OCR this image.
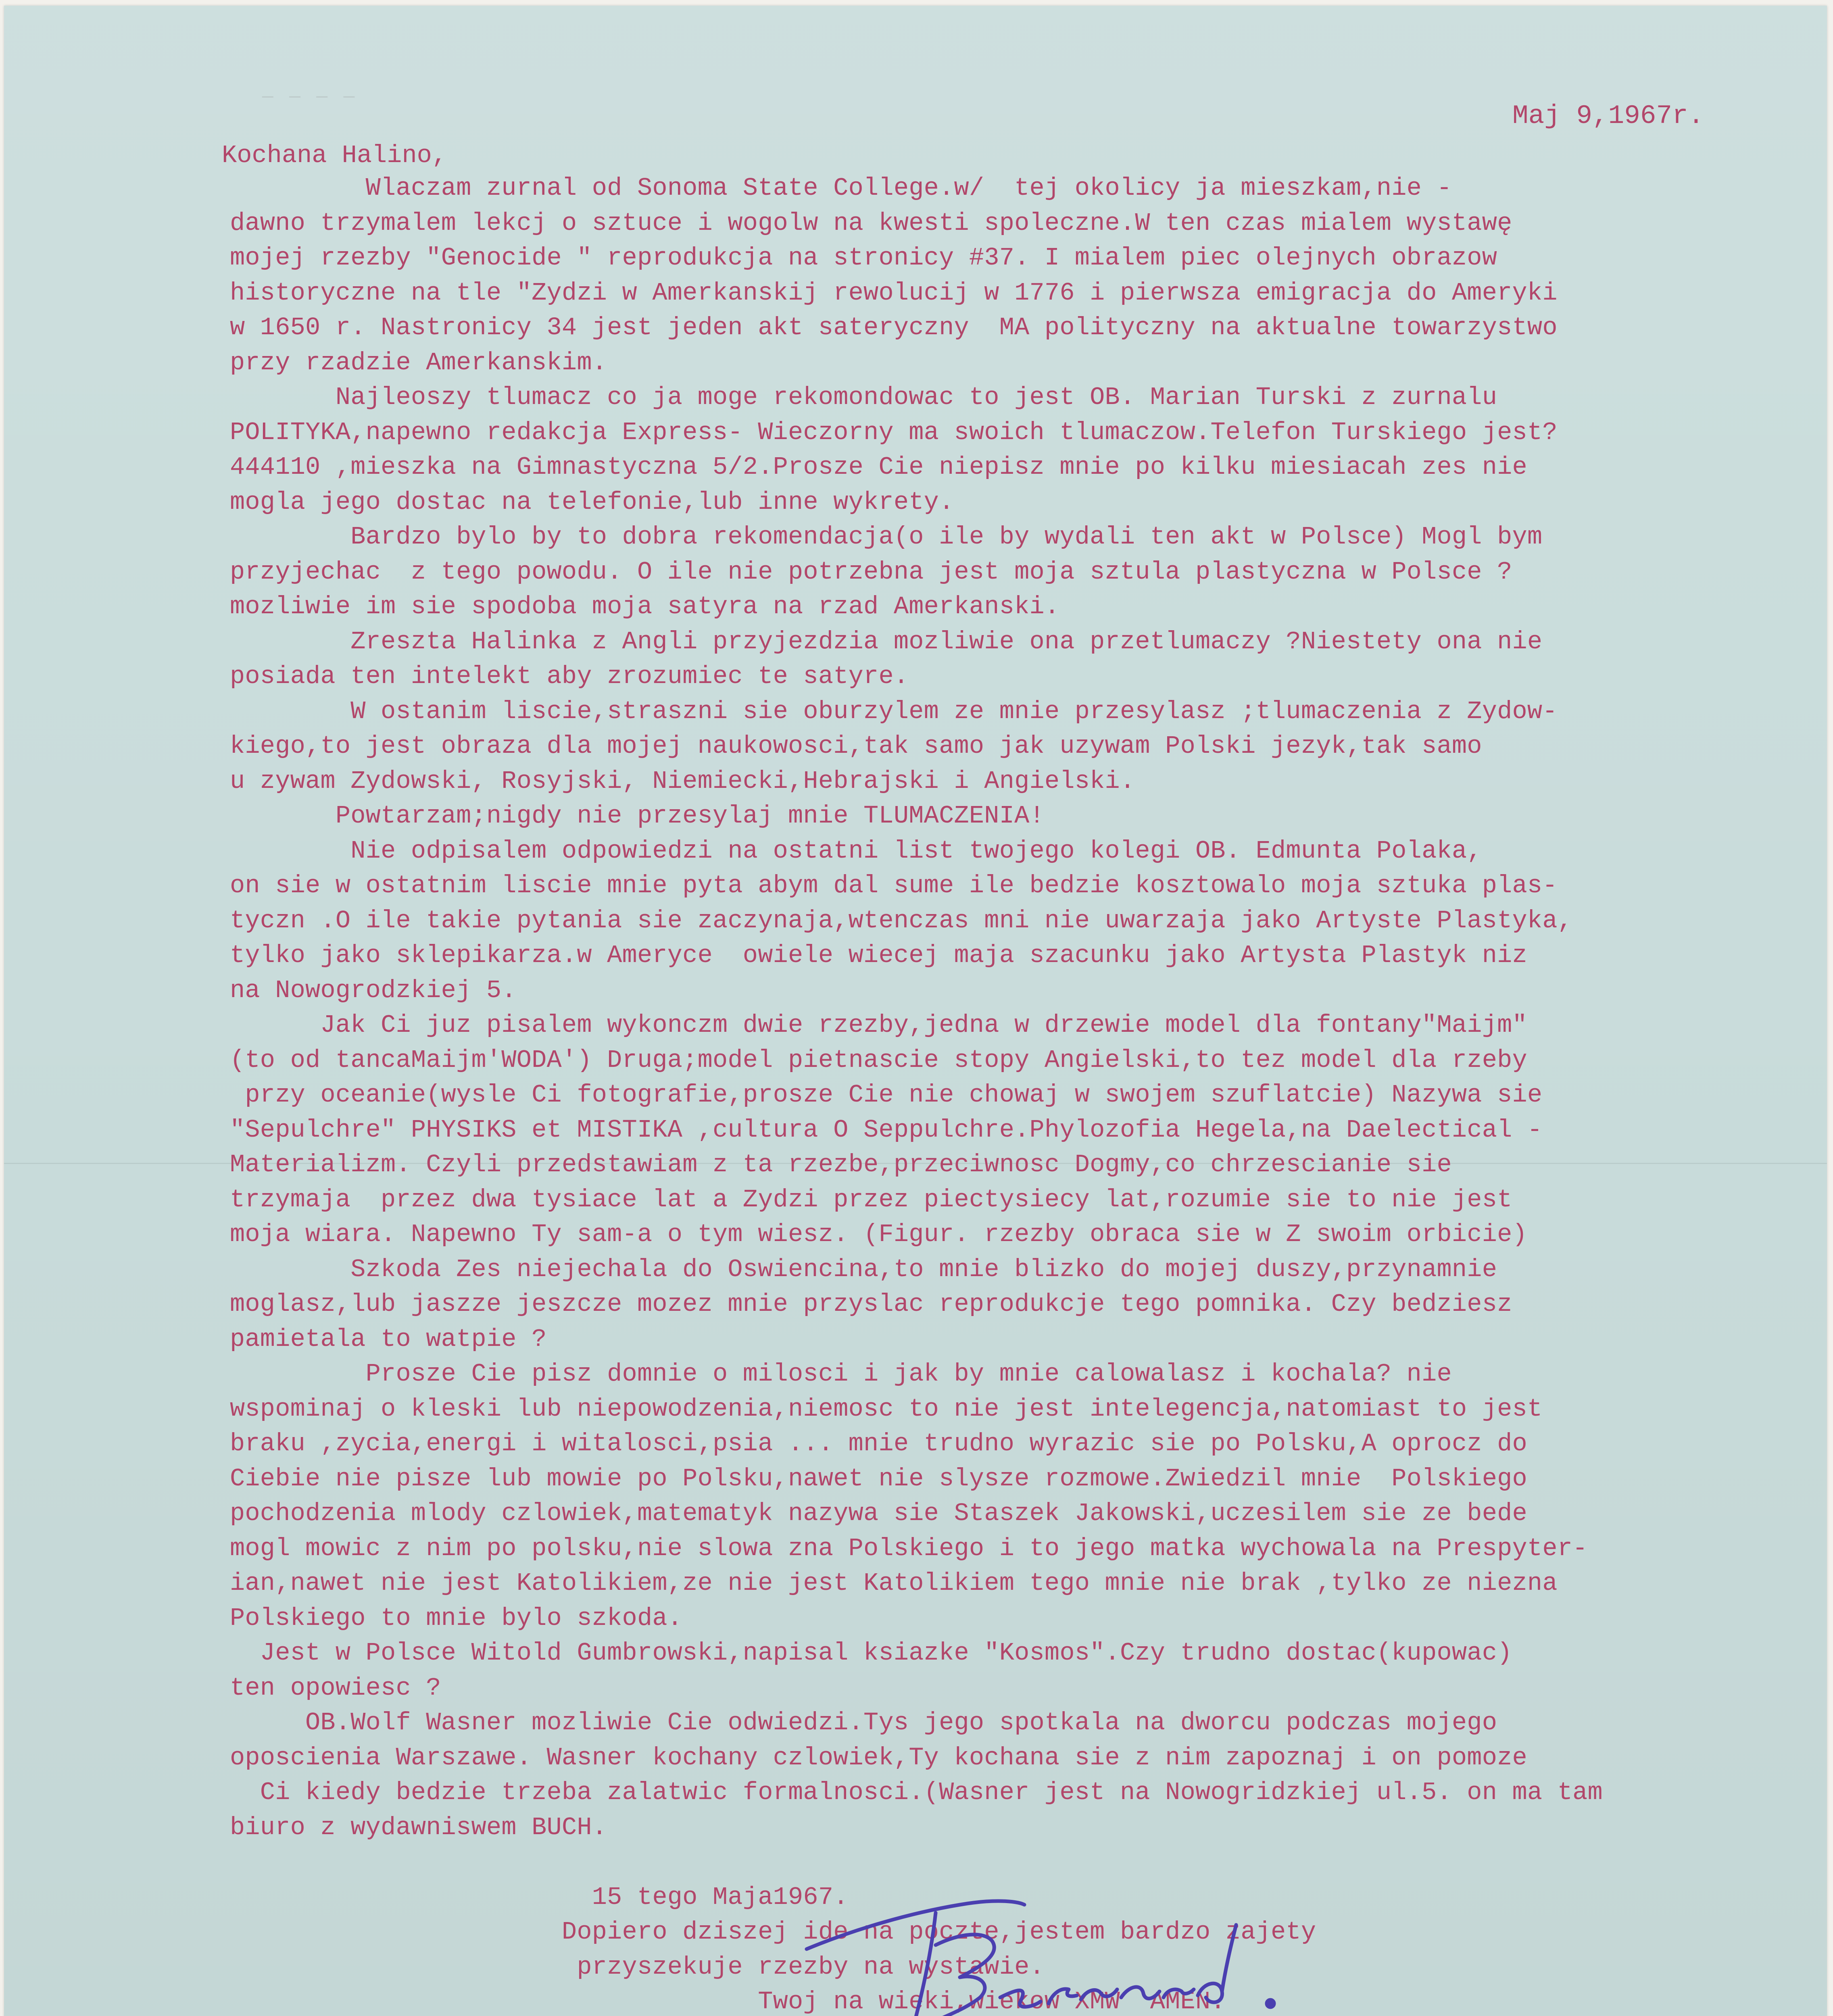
— — — —
Maj 9,1967r.
Kochana Halino,
Wlaczam zurnal od Sonoma State College.w/  tej okolicy ja mieszkam,nie -
dawno trzymalem lekcj o sztuce i wogolw na kwesti spoleczne.W ten czas mialem wystawę
mojej rzezby "Genocide " reprodukcja na stronicy #37. I mialem piec olejnych obrazow
historyczne na tle "Zydzi w Amerkanskij rewolucij w 1776 i pierwsza emigracja do Ameryki
w 1650 r. Nastronicy 34 jest jeden akt sateryczny  MA polityczny na aktualne towarzystwo
przy rzadzie Amerkanskim.
Najleoszy tlumacz co ja moge rekomondowac to jest OB. Marian Turski z zurnalu
POLITYKA,napewno redakcja Express- Wieczorny ma swoich tlumaczow.Telefon Turskiego jest?
444110 ,mieszka na Gimnastyczna 5/2.Prosze Cie niepisz mnie po kilku miesiacah zes nie
mogla jego dostac na telefonie,lub inne wykrety.
Bardzo bylo by to dobra rekomendacja(o ile by wydali ten akt w Polsce) Mogl bym
przyjechac  z tego powodu. O ile nie potrzebna jest moja sztula plastyczna w Polsce ?
mozliwie im sie spodoba moja satyra na rzad Amerkanski.
Zreszta Halinka z Angli przyjezdzia mozliwie ona przetlumaczy ?Niestety ona nie
posiada ten intelekt aby zrozumiec te satyre.
W ostanim liscie,straszni sie oburzylem ze mnie przesylasz ;tlumaczenia z Zydow-
kiego,to jest obraza dla mojej naukowosci,tak samo jak uzywam Polski jezyk,tak samo
u zywam Zydowski, Rosyjski, Niemiecki,Hebrajski i Angielski.
Powtarzam;nigdy nie przesylaj mnie TLUMACZENIA!
Nie odpisalem odpowiedzi na ostatni list twojego kolegi OB. Edmunta Polaka,
on sie w ostatnim liscie mnie pyta abym dal sume ile bedzie kosztowalo moja sztuka plas-
tyczn .O ile takie pytania sie zaczynaja,wtenczas mni nie uwarzaja jako Artyste Plastyka,
tylko jako sklepikarza.w Ameryce  owiele wiecej maja szacunku jako Artysta Plastyk niz
na Nowogrodzkiej 5.
Jak Ci juz pisalem wykonczm dwie rzezby,jedna w drzewie model dla fontany"Maijm"
(to od tancaMaijm'WODA') Druga;model pietnascie stopy Angielski,to tez model dla rzeby
przy oceanie(wysle Ci fotografie,prosze Cie nie chowaj w swojem szuflatcie) Nazywa sie
"Sepulchre" PHYSIKS et MISTIKA ,cultura O Seppulchre.Phylozofia Hegela,na Daelectical -
Materializm. Czyli przedstawiam z ta rzezbe,przeciwnosc Dogmy,co chrzescianie sie
trzymaja  przez dwa tysiace lat a Zydzi przez piectysiecy lat,rozumie sie to nie jest
moja wiara. Napewno Ty sam-a o tym wiesz. (Figur. rzezby obraca sie w Z swoim orbicie)
Szkoda Zes niejechala do Oswiencina,to mnie blizko do mojej duszy,przynamnie
moglasz,lub jaszze jeszcze mozez mnie przyslac reprodukcje tego pomnika. Czy bedziesz
pamietala to watpie ?
Prosze Cie pisz domnie o milosci i jak by mnie calowalasz i kochala? nie
wspominaj o kleski lub niepowodzenia,niemosc to nie jest intelegencja,natomiast to jest
braku ,zycia,energi i witalosci,psia ... mnie trudno wyrazic sie po Polsku,A oprocz do
Ciebie nie pisze lub mowie po Polsku,nawet nie slysze rozmowe.Zwiedzil mnie  Polskiego
pochodzenia mlody czlowiek,matematyk nazywa sie Staszek Jakowski,uczesilem sie ze bede
mogl mowic z nim po polsku,nie slowa zna Polskiego i to jego matka wychowala na Prespyter-
ian,nawet nie jest Katolikiem,ze nie jest Katolikiem tego mnie nie brak ,tylko ze niezna
Polskiego to mnie bylo szkoda.
Jest w Polsce Witold Gumbrowski,napisal ksiazke "Kosmos".Czy trudno dostac(kupowac)
ten opowiesc ?
OB.Wolf Wasner mozliwie Cie odwiedzi.Tys jego spotkala na dworcu podczas mojego
oposcienia Warszawe. Wasner kochany czlowiek,Ty kochana sie z nim zapoznaj i on pomoze
Ci kiedy bedzie trzeba zalatwic formalnosci.(Wasner jest na Nowogridzkiej ul.5. on ma tam
biuro z wydawniswem BUCH.
15 tego Maja1967.
Dopiero dziszej ide na poczte,jestem bardzo zajety
przyszekuje rzezby na wystawie.
Twoj na wieki,wiekow XMW  AMEN.
